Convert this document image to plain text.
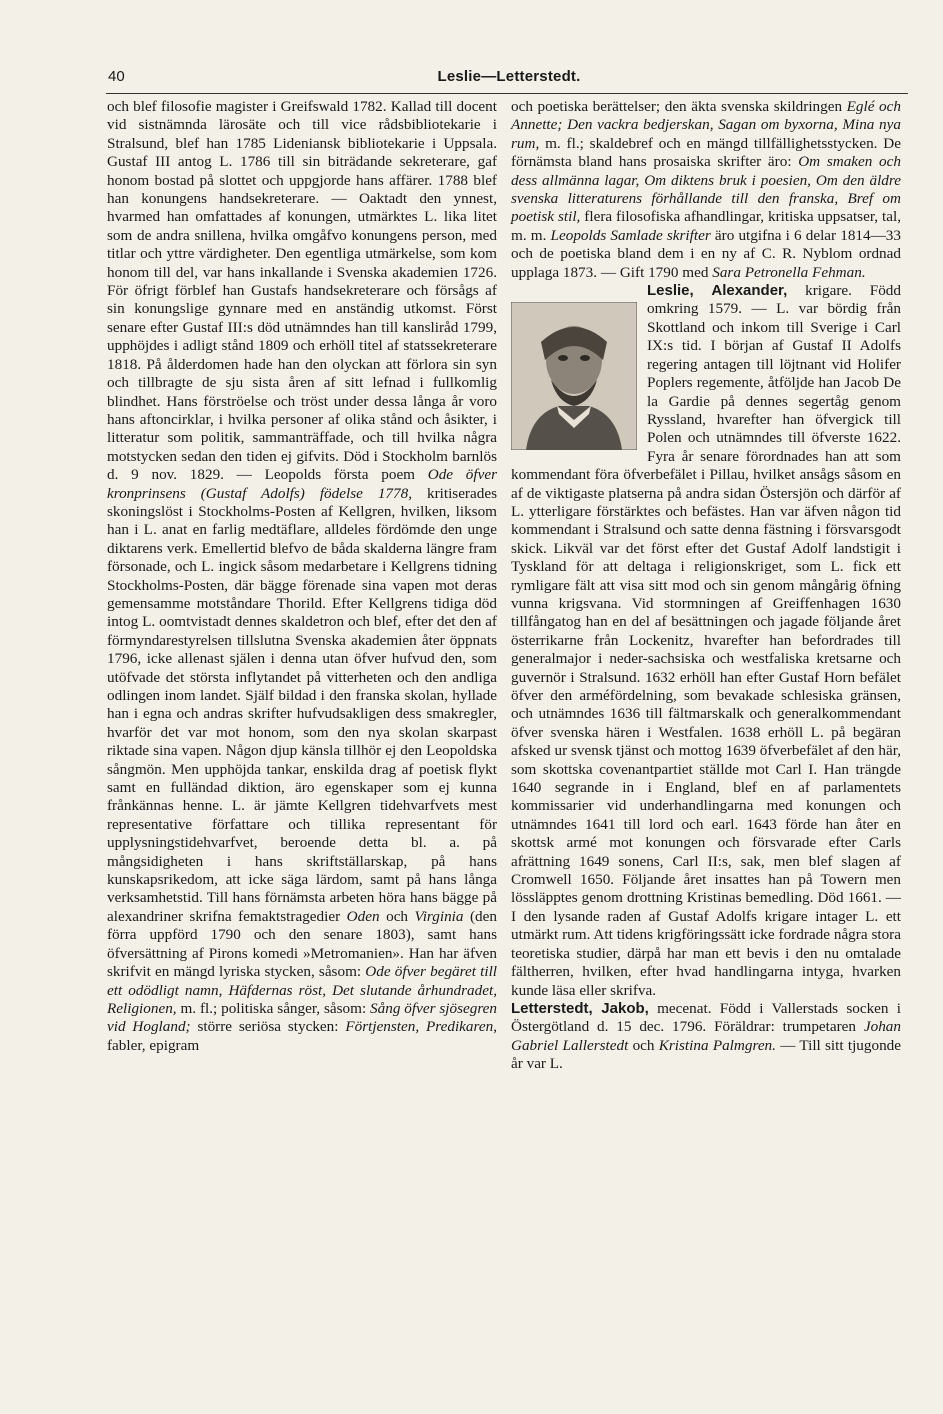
40	Leslie—Letterstedt.

och blef filosofie magister i Greifswald 1782. Kallad till docent vid sistnämnda lärosäte och till vice rådsbibliotekarie i Stralsund, blef han 1785 Lideniansk bibliotekarie i Uppsala. Gustaf III antog L. 1786 till sin biträdande sekreterare, gaf honom bostad på slottet och uppgjorde hans affärer. 1788 blef han konungens handsekreterare. — Oaktadt den ynnest, hvarmed han omfattades af konungen, utmärktes L. lika litet som de andra snillena, hvilka omgåfvo konungens person, med titlar och yttre värdigheter. Den egentliga utmärkelse, som kom honom till del, var hans inkallande i Svenska akademien 1726. För öfrigt förblef han Gustafs handsekreterare och försågs af sin konungslige gynnare med en anständig utkomst. Först senare efter Gustaf III:s död utnämndes han till kansliråd 1799, upphöjdes i adligt stånd 1809 och erhöll titel af statssekreterare 1818. På ålderdomen hade han den olyckan att förlora sin syn och tillbragte de sju sista åren af sitt lefnad i fullkomlig blindhet. Hans förströelse och tröst under dessa långa år voro hans aftoncirklar, i hvilka personer af olika stånd och åsikter, i litteratur som politik, sammanträffade, och till hvilka några motstycken sedan den tiden ej gifvits. Död i Stockholm barnlös d. 9 nov. 1829. — Leopolds första poem Ode öfver kronprinsens (Gustaf Adolfs) födelse 1778, kritiserades skoningslöst i Stockholms-Posten af Kellgren, hvilken, liksom han i L. anat en farlig medtäflare, alldeles fördömde den unge diktarens verk. Emellertid blefvo de båda skalderna längre fram försonade, och L. ingick såsom medarbetare i Kellgrens tidning Stockholms-Posten, där bägge förenade sina vapen mot deras gemensamme motståndare Thorild. Efter Kellgrens tidiga död intog L. oomtvistadt dennes skaldetron och blef, efter det den af förmyndarestyrelsen tillslutna Svenska akademien åter öppnats 1796, icke allenast själen i denna utan öfver hufvud den, som utöfvade det största inflytandet på vitterheten och den andliga odlingen inom landet. Själf bildad i den franska skolan, hyllade han i egna och andras skrifter hufvudsakligen dess smakregler, hvarför det var mot honom, som den nya skolan skarpast riktade sina vapen. Någon djup känsla tillhör ej den Leopoldska sångmön. Men upphöjda tankar, enskilda drag af poetisk flykt samt en fulländad diktion, äro egenskaper som ej kunna frånkännas henne. L. är jämte Kellgren tidehvarfvets mest representative författare och tillika representant för upplysningstidehvarfvet, beroende detta bl. a. på mångsidigheten i hans skriftställarskap, på hans kunskapsrikedom, att icke säga lärdom, samt på hans långa verksamhetstid. Till hans förnämsta arbeten höra hans bägge på alexandriner skrifna femaktstragedier Oden och Virginia (den förra uppförd 1790 och den senare 1803), samt hans öfversättning af Pirons komedi »Metromanien». Han har äfven skrifvit en mängd lyriska stycken, såsom: Ode öfver begäret till ett odödligt namn, Häfdernas röst, Det slutande århundradet, Religionen, m. fl.; politiska sånger, såsom: Sång öfver sjösegren vid Hogland; större seriösa stycken: Förtjensten, Predikaren, fabler, epigram

och poetiska berättelser; den äkta svenska skildringen Eglé och Annette; Den vackra bedjerskan, Sagan om byxorna, Mina nya rum, m. fl.; skaldebref och en mängd tillfällighetsstycken. De förnämsta bland hans prosaiska skrifter äro: Om smaken och dess allmänna lagar, Om diktens bruk i poesien, Om den äldre svenska litteraturens förhållande till den franska, Bref om poetisk stil, flera filosofiska afhandlingar, kritiska uppsatser, tal, m. m. Leopolds Samlade skrifter äro utgifna i 6 delar 1814—33 och de poetiska bland dem i en ny af C. R. Nyblom ordnad upplaga 1873. — Gift 1790 med Sara Petronella Fehman.

Leslie, Alexander,
krigare. Född omkring 1579. — L. var bördig från Skottland och inkom till Sverige i Carl IX:s tid. I början af Gustaf II Adolfs regering antagen till löjtnant vid Holifer Poplers regemente, åtföljde han Jacob De la Gardie på dennes segertåg genom Ryssland, hvarefter han öfvergick till Polen och utnämndes till öfverste 1622. Fyra år senare förordnades han att som kommendant föra öfverbefälet i Pillau, hvilket ansågs såsom en af de viktigaste platserna på andra sidan Östersjön och därför af L. ytterligare förstärktes och befästes. Han var äfven någon tid kommendant i Stralsund och satte denna fästning i försvarsgodt skick. Likväl var det först efter det Gustaf Adolf landstigit i Tyskland för att deltaga i religionskriget, som L. fick ett rymligare fält att visa sitt mod och sin genom mångårig öfning vunna krigsvana. Vid stormningen af Greiffenhagen 1630 tillfångatog han en del af besättningen och jagade följande året österrikarne från Lockenitz, hvarefter han befordrades till generalmajor i neder-sachsiska och westfaliska kretsarne och guvernör i Stralsund. 1632 erhöll han efter Gustaf Horn befälet öfver den arméfördelning, som bevakade schlesiska gränsen, och utnämndes 1636 till fältmarskalk och generalkommendant öfver svenska hären i Westfalen. 1638 erhöll L. på begäran afsked ur svensk tjänst och mottog 1639 öfverbefälet af den här, som skottska covenantpartiet ställde mot Carl I. Han trängde 1640 segrande in i England, blef en af parlamentets kommissarier vid underhandlingarna med konungen och utnämndes 1641 till lord och earl. 1643 förde han åter en skottsk armé mot konungen och försvarade efter Carls afrättning 1649 sonens, Carl II:s, sak, men blef slagen af Cromwell 1650. Följande året insattes han på Towern men lössläpptes genom drottning Kristinas bemedling. Död 1661. — I den lysande raden af Gustaf Adolfs krigare intager L. ett utmärkt rum. Att tidens krigföringssätt icke fordrade några stora teoretiska studier, därpå har man ett bevis i den nu omtalade fältherren, hvilken, efter hvad handlingarna intyga, hvarken kunde läsa eller skrifva.

Letterstedt, Jakob, mecenat. Född i Vallerstads socken i Östergötland d. 15 dec. 1796. Föräldrar: trumpetaren Johan Gabriel Lallerstedt och Kristina Palmgren. — Till sitt tjugonde år var L.
